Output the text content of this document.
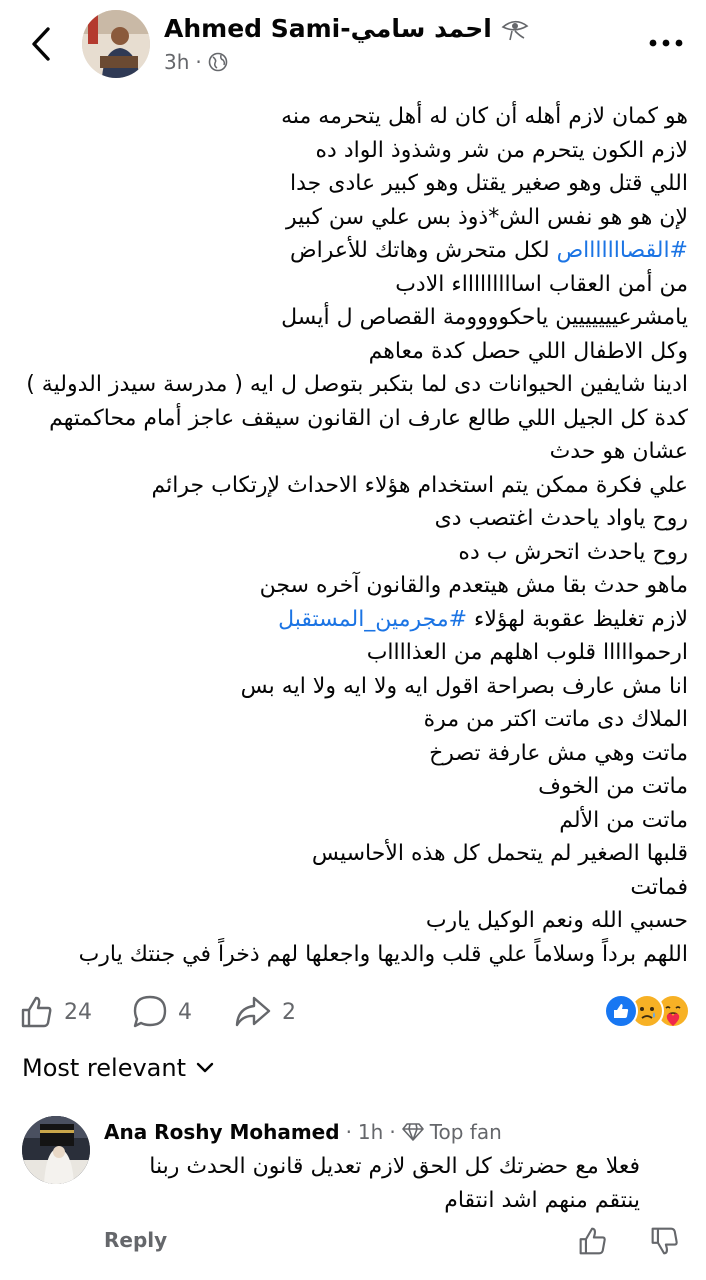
Ahmed Sami-احمد سامي
3h ·
هو كمان لازم أهله أن كان له أهل يتحرمه منه
لازم الكون يتحرم من شر وشذوذ الواد ده
اللي قتل وهو صغير يقتل وهو كبير عادى جدا
لإن هو هو نفس الش*ذوذ بس علي سن كبير
#القصاااااااص لكل متحرش وهاتك للأعراض
من أمن العقاب اساااااااااء الادب
يامشرعييييييين ياحكوووومة القصاص ل أيسل
وكل الاطفال اللي حصل كدة معاهم
ادينا شايفين الحيوانات دى لما بتكبر بتوصل ل ايه ( مدرسة سيدز الدولية )
كدة كل الجيل اللي طالع عارف ان القانون سيقف عاجز أمام محاكمتهم عشان هو حدث
علي فكرة ممكن يتم استخدام هؤلاء الاحداث لإرتكاب جرائم
روح ياواد ياحدث اغتصب دى
روح ياحدث اتحرش ب ده
ماهو حدث بقا مش هيتعدم والقانون آخره سجن
لازم تغليظ عقوبة لهؤلاء #مجرمين_المستقبل
ارحموااااا قلوب اهلهم من العذااااب
انا مش عارف بصراحة اقول ايه ولا ايه ولا ايه بس
الملاك دى ماتت اكتر من مرة
ماتت وهي مش عارفة تصرخ
ماتت من الخوف
ماتت من الألم
قلبها الصغير لم يتحمل كل هذه الأحاسيس
فماتت
حسبي الله ونعم الوكيل يارب
اللهم برداً وسلاماً علي قلب والديها واجعلها لهم ذخراً في جنتك يارب
24	4	2
Most relevant
Ana Roshy Mohamed · 1h · Top fan
فعلا مع حضرتك كل الحق لازم تعديل قانون الحدث ربنا
ينتقم منهم اشد انتقام
Reply
